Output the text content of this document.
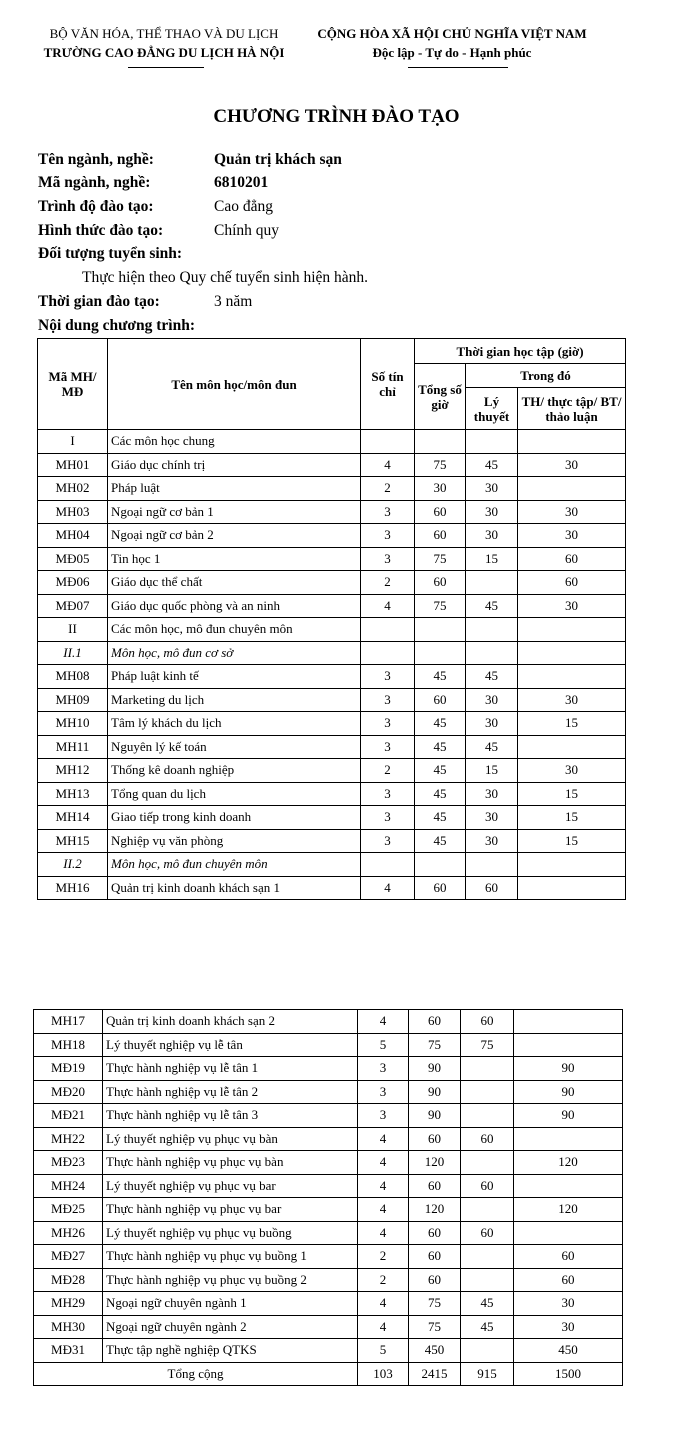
BỘ VĂN HÓA, THỂ THAO VÀ DU LỊCH
TRƯỜNG CAO ĐẲNG DU LỊCH HÀ NỘI
CỘNG HÒA XÃ HỘI CHỦ NGHĨA VIỆT NAM
Độc lập - Tự do - Hạnh phúc
CHƯƠNG TRÌNH ĐÀO TẠO
Tên ngành, nghề:	Quản trị khách sạn
Mã ngành, nghề:	6810201
Trình độ đào tạo:	Cao đẳng
Hình thức đào tạo:	Chính quy
Đối tượng tuyển sinh:
Thực hiện theo Quy chế tuyển sinh hiện hành.
Thời gian đào tạo:	3 năm
Nội dung chương trình:
Mã MH/ MĐ	Tên môn học/môn đun	Số tín chỉ	Thời gian học tập (giờ)		
			Tổng số giờ	Trong đó	
				Lý thuyết	TH/ thực tập/ BT/ thảo luận
I	Các môn học chung				
MH01	Giáo dục chính trị	4	75	45	30
MH02	Pháp luật	2	30	30	
MH03	Ngoại ngữ cơ bản 1	3	60	30	30
MH04	Ngoại ngữ cơ bản 2	3	60	30	30
MĐ05	Tin học 1	3	75	15	60
MĐ06	Giáo dục thể chất	2	60		60
MĐ07	Giáo dục quốc phòng và an ninh	4	75	45	30
II	Các môn học, mô đun chuyên môn				
II.1	Môn học, mô đun cơ sở				
MH08	Pháp luật kinh tế	3	45	45	
MH09	Marketing du lịch	3	60	30	30
MH10	Tâm lý khách du lịch	3	45	30	15
MH11	Nguyên lý kế toán	3	45	45	
MH12	Thống kê doanh nghiệp	2	45	15	30
MH13	Tổng quan du lịch	3	45	30	15
MH14	Giao tiếp trong kinh doanh	3	45	30	15
MH15	Nghiệp vụ văn phòng	3	45	30	15
II.2	Môn học, mô đun chuyên môn				
MH16	Quản trị kinh doanh khách sạn 1	4	60	60	
MH17	Quản trị kinh doanh khách sạn 2	4	60	60	
MH18	Lý thuyết nghiệp vụ lễ tân	5	75	75	
MĐ19	Thực hành nghiệp vụ lễ tân 1	3	90		90
MĐ20	Thực hành nghiệp vụ lễ tân 2	3	90		90
MĐ21	Thực hành nghiệp vụ lễ tân 3	3	90		90
MH22	Lý thuyết nghiệp vụ phục vụ bàn	4	60	60	
MĐ23	Thực hành nghiệp vụ phục vụ bàn	4	120		120
MH24	Lý thuyết nghiệp vụ phục vụ bar	4	60	60	
MĐ25	Thực hành nghiệp vụ phục vụ bar	4	120		120
MH26	Lý thuyết nghiệp vụ phục vụ buồng	4	60	60	
MĐ27	Thực hành nghiệp vụ phục vụ buồng 1	2	60		60
MĐ28	Thực hành nghiệp vụ phục vụ buồng 2	2	60		60
MH29	Ngoại ngữ chuyên ngành 1	4	75	45	30
MH30	Ngoại ngữ chuyên ngành 2	4	75	45	30
MĐ31	Thực tập nghề nghiệp QTKS	5	450		450
Tổng cộng		103	2415	915	1500
